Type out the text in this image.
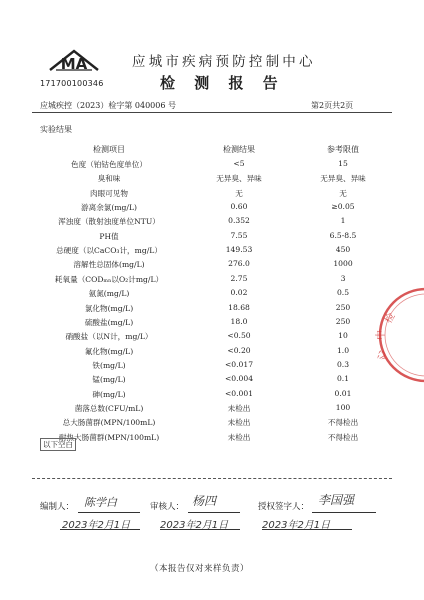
MA
171700100346
应城市疾病预防控制中心
检 测 报 告
应城疾控（2023）检字第 040006 号	第2页共2页
实验结果
检测项目	检测结果	参考限值
色度（铂钴色度单位）	<5	15
臭和味	无异臭、异味	无异臭、异味
肉眼可见物	无	无
游离余氯(mg/L)	0.60	≥0.05
浑浊度（散射浊度单位NTU）	0.352	1
PH值	7.55	6.5-8.5
总硬度（以CaCO₃计，mg/L）	149.53	450
溶解性总固体(mg/L)	276.0	1000
耗氧量（CODₘₙ以O₂计mg/L）	2.75	3
氨氮(mg/L)	0.02	0.5
氯化物(mg/L)	18.68	250
硫酸盐(mg/L)	18.0	250
硝酸盐（以N计，mg/L）	<0.50	10
氟化物(mg/L)	<0.20	1.0
铁(mg/L)	<0.017	0.3
锰(mg/L)	<0.004	0.1
砷(mg/L)	<0.001	0.01
菌落总数(CFU/mL)	未检出	100
总大肠菌群(MPN/100mL)	未检出	不得检出
耐热大肠菌群(MPN/100mL)	未检出	不得检出
以下空白
编制人： 陈学白
2023年2月1日
审核人： 杨四
2023年2月1日
授权签字人： 李国强
2023年2月1日
（本报告仅对来样负责）
检
中
心
